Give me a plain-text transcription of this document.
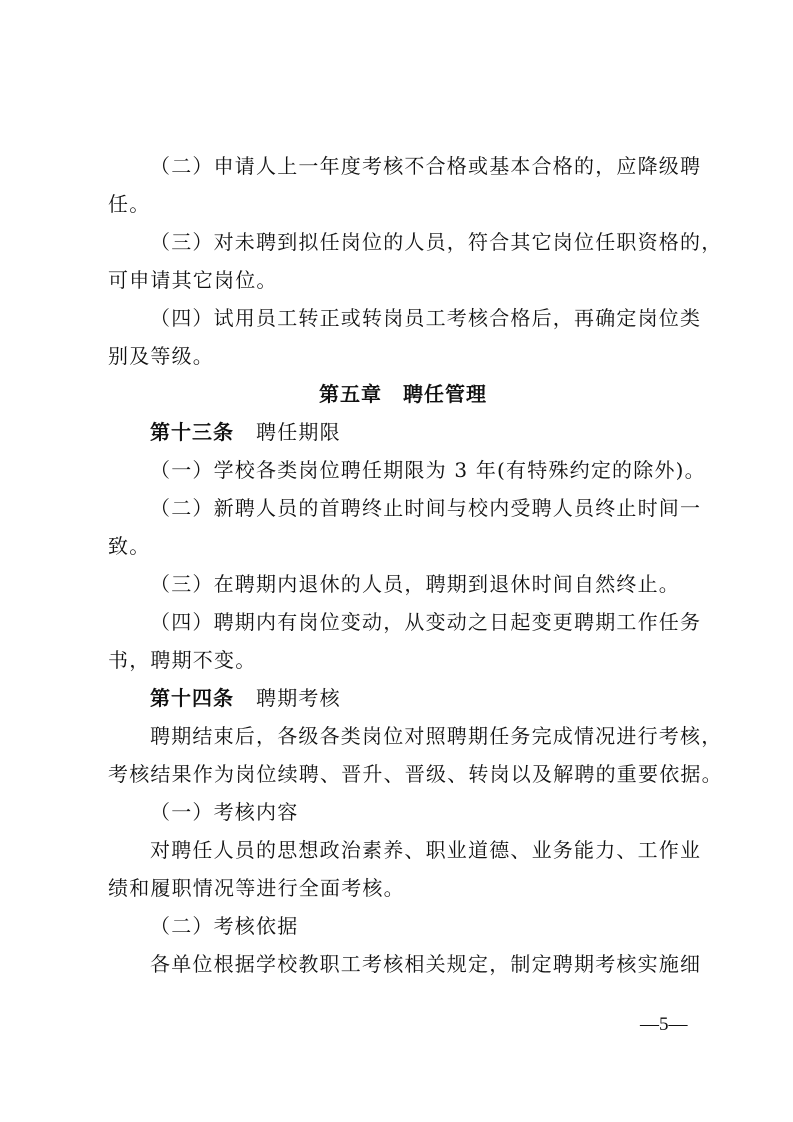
（二）申请人上一年度考核不合格或基本合格的，应降级聘
任。
（三）对未聘到拟任岗位的人员，符合其它岗位任职资格的，
可申请其它岗位。
（四）试用员工转正或转岗员工考核合格后，再确定岗位类
别及等级。
第五章　聘任管理
第十三条 聘任期限
（一）学校各类岗位聘任期限为 3 年(有特殊约定的除外)。
（二）新聘人员的首聘终止时间与校内受聘人员终止时间一
致。
（三）在聘期内退休的人员，聘期到退休时间自然终止。
（四）聘期内有岗位变动，从变动之日起变更聘期工作任务
书，聘期不变。
第十四条 聘期考核
聘期结束后，各级各类岗位对照聘期任务完成情况进行考核，
考核结果作为岗位续聘、晋升、晋级、转岗以及解聘的重要依据。
（一）考核内容
对聘任人员的思想政治素养、职业道德、业务能力、工作业
绩和履职情况等进行全面考核。
（二）考核依据
各单位根据学校教职工考核相关规定，制定聘期考核实施细
—5—
